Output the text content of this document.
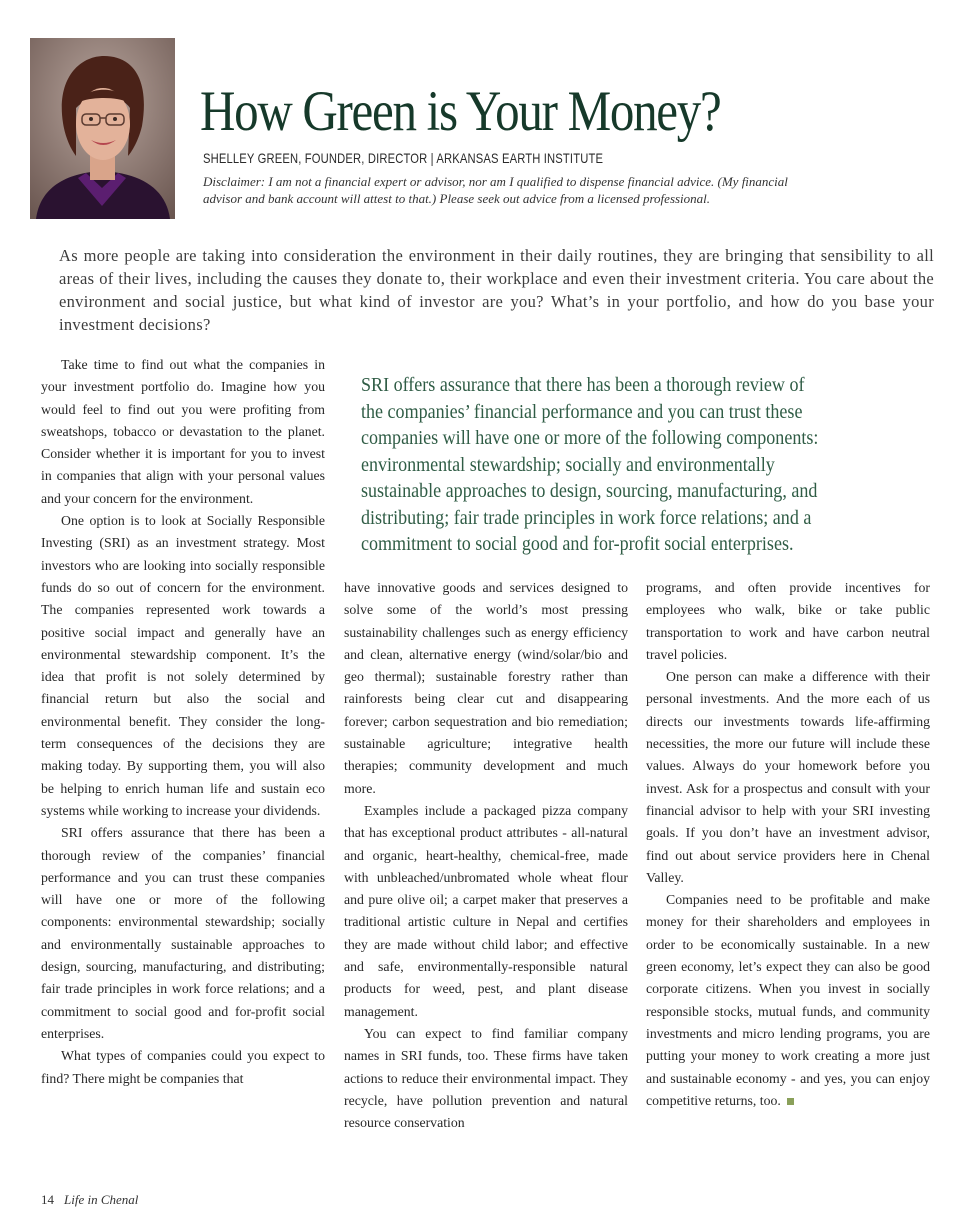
How Green is Your Money?
SHELLEY GREEN, FOUNDER, DIRECTOR | ARKANSAS EARTH INSTITUTE
Disclaimer: I am not a financial expert or advisor, nor am I qualified to dispense financial advice. (My financial advisor and bank account will attest to that.) Please seek out advice from a licensed professional.

As more people are taking into consideration the environment in their daily routines, they are bringing that sensibility to all areas of their lives, including the causes they donate to, their workplace and even their investment criteria. You care about the environment and social justice, but what kind of investor are you? What’s in your portfolio, and how do you base your investment decisions?

SRI offers assurance that there has been a thorough review of
the companies’ financial performance and you can trust these
companies will have one or more of the following components:
environmental stewardship; socially and environmentally
sustainable approaches to design, sourcing, manufacturing, and
distributing; fair trade principles in work force relations; and a
commitment to social good and for-profit social enterprises.

Take time to find out what the companies in your investment portfolio do. Imagine how you would feel to find out you were profiting from sweatshops, tobacco or devastation to the planet. Consider whether it is important for you to invest in companies that align with your personal values and your concern for the environment.

One option is to look at Socially Responsible Investing (SRI) as an investment strategy. Most investors who are looking into socially responsible funds do so out of concern for the environment. The companies represented work towards a positive social impact and generally have an environmental stewardship component. It’s the idea that profit is not solely determined by financial return but also the social and environmental benefit. They consider the long-term consequences of the decisions they are making today. By supporting them, you will also be helping to enrich human life and sustain eco systems while working to increase your dividends.

SRI offers assurance that there has been a thorough review of the companies’ financial performance and you can trust these companies will have one or more of the following components: environmental stewardship; socially and environmentally sustainable approaches to design, sourcing, manufacturing, and distributing; fair trade principles in work force relations; and a commitment to social good and for-profit social enterprises.

What types of companies could you expect to find? There might be companies that

have innovative goods and services designed to solve some of the world’s most pressing sustainability challenges such as energy efficiency and clean, alternative energy (wind/solar/bio and geo thermal); sustainable forestry rather than rainforests being clear cut and disappearing forever; carbon sequestration and bio remediation; sustainable agriculture; integrative health therapies; community development and much more.

Examples include a packaged pizza company that has exceptional product attributes - all-natural and organic, heart-healthy, chemical-free, made with unbleached/unbromated whole wheat flour and pure olive oil; a carpet maker that preserves a traditional artistic culture in Nepal and certifies they are made without child labor; and effective and safe, environmentally-responsible natural products for weed, pest, and plant disease management.

You can expect to find familiar company names in SRI funds, too. These firms have taken actions to reduce their environmental impact. They recycle, have pollution prevention and natural resource conservation

programs, and often provide incentives for employees who walk, bike or take public transportation to work and have carbon neutral travel policies.

One person can make a difference with their personal investments. And the more each of us directs our investments towards life-affirming necessities, the more our future will include these values. Always do your homework before you invest. Ask for a prospectus and consult with your financial advisor to help with your SRI investing goals. If you don’t have an investment advisor, find out about service providers here in Chenal Valley.

Companies need to be profitable and make money for their shareholders and employees in order to be economically sustainable. In a new green economy, let’s expect they can also be good corporate citizens. When you invest in socially responsible stocks, mutual funds, and community investments and micro lending programs, you are putting your money to work creating a more just and sustainable economy - and yes, you can enjoy competitive returns, too.

14 Life in Chenal
